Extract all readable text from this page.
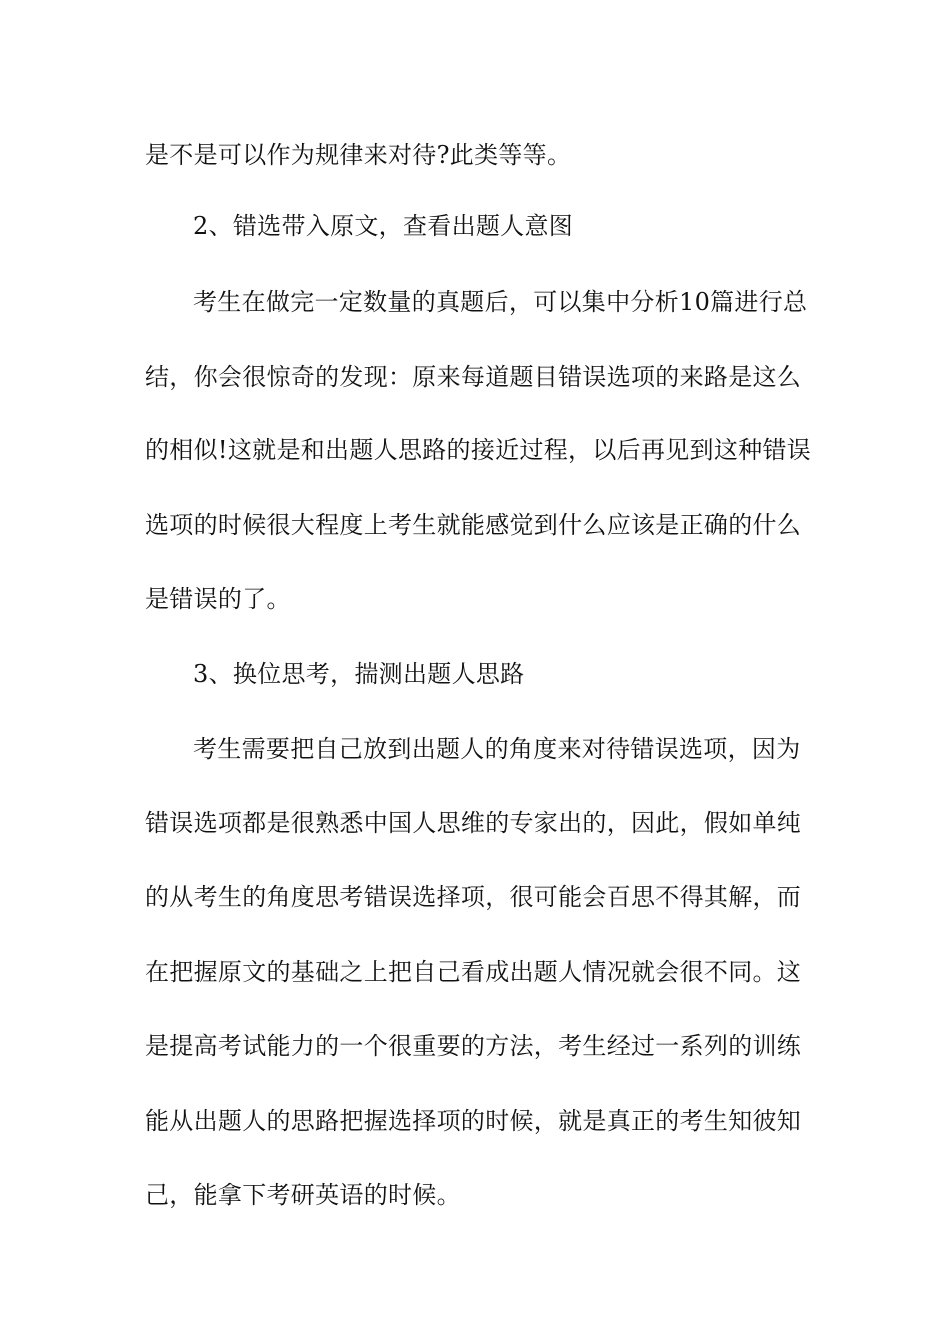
是不是可以作为规律来对待?此类等等。
2、错选带入原文，查看出题人意图
考生在做完一定数量的真题后，可以集中分析10篇进行总
结，你会很惊奇的发现：原来每道题目错误选项的来路是这么
的相似!这就是和出题人思路的接近过程，以后再见到这种错误
选项的时候很大程度上考生就能感觉到什么应该是正确的什么
是错误的了。
3、换位思考，揣测出题人思路
考生需要把自己放到出题人的角度来对待错误选项，因为
错误选项都是很熟悉中国人思维的专家出的，因此，假如单纯
的从考生的角度思考错误选择项，很可能会百思不得其解，而
在把握原文的基础之上把自己看成出题人情况就会很不同。这
是提高考试能力的一个很重要的方法，考生经过一系列的训练
能从出题人的思路把握选择项的时候，就是真正的考生知彼知
己，能拿下考研英语的时候。
